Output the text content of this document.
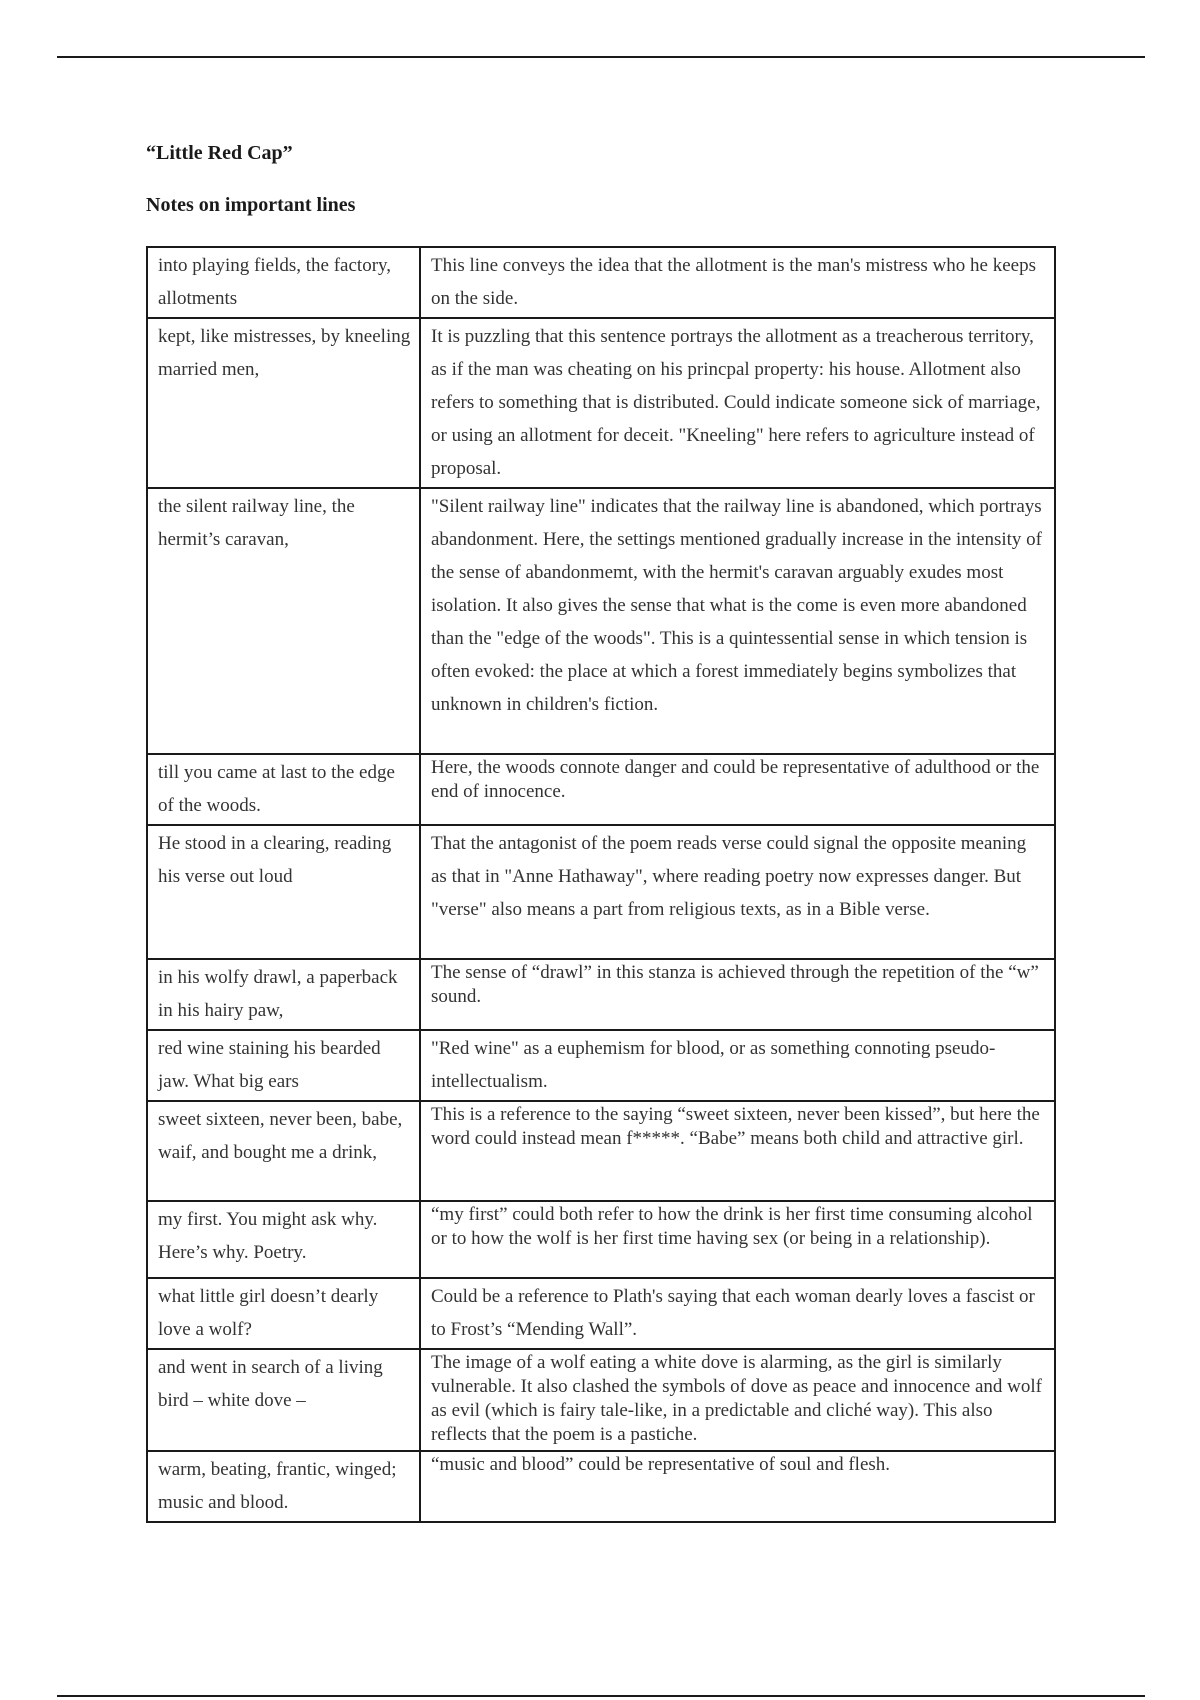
“Little Red Cap”
Notes on important lines
into playing fields, the factory, allotments	This line conveys the idea that the allotment is the man's mistress who he keeps on the side.
kept, like mistresses, by kneeling married men,	It is puzzling that this sentence portrays the allotment as a treacherous territory, as if the man was cheating on his princpal property: his house. Allotment also refers to something that is distributed. Could indicate someone sick of marriage, or using an allotment for deceit. "Kneeling" here refers to agriculture instead of proposal.
the silent railway line, the hermit’s caravan,	"Silent railway line" indicates that the railway line is abandoned, which portrays abandonment. Here, the settings mentioned gradually increase in the intensity of the sense of abandonmemt, with the hermit's caravan arguably exudes most isolation. It also gives the sense that what is the come is even more abandoned than the "edge of the woods". This is a quintessential sense in which tension is often evoked: the place at which a forest immediately begins symbolizes that unknown in children's fiction.
till you came at last to the edge of the woods.	Here, the woods connote danger and could be representative of adulthood or the end of innocence.
He stood in a clearing, reading his verse out loud	That the antagonist of the poem reads verse could signal the opposite meaning as that in "Anne Hathaway", where reading poetry now expresses danger. But "verse" also means a part from religious texts, as in a Bible verse.
in his wolfy drawl, a paperback in his hairy paw,	The sense of “drawl” in this stanza is achieved through the repetition of the “w” sound.
red wine staining his bearded jaw. What big ears	"Red wine" as a euphemism for blood, or as something connoting pseudo-intellectualism.
sweet sixteen, never been, babe, waif, and bought me a drink,	This is a reference to the saying “sweet sixteen, never been kissed”, but here the word could instead mean f*****. “Babe” means both child and attractive girl.
my first. You might ask why. Here’s why. Poetry.	“my first” could both refer to how the drink is her first time consuming alcohol or to how the wolf is her first time having sex (or being in a relationship).
what little girl doesn’t dearly love a wolf?	Could be a reference to Plath's saying that each woman dearly loves a fascist or to Frost’s “Mending Wall”.
and went in search of a living bird – white dove –	The image of a wolf eating a white dove is alarming, as the girl is similarly vulnerable. It also clashed the symbols of dove as peace and innocence and wolf as evil (which is fairy tale-like, in a predictable and cliché way). This also reflects that the poem is a pastiche.
warm, beating, frantic, winged; music and blood.	“music and blood” could be representative of soul and flesh.
